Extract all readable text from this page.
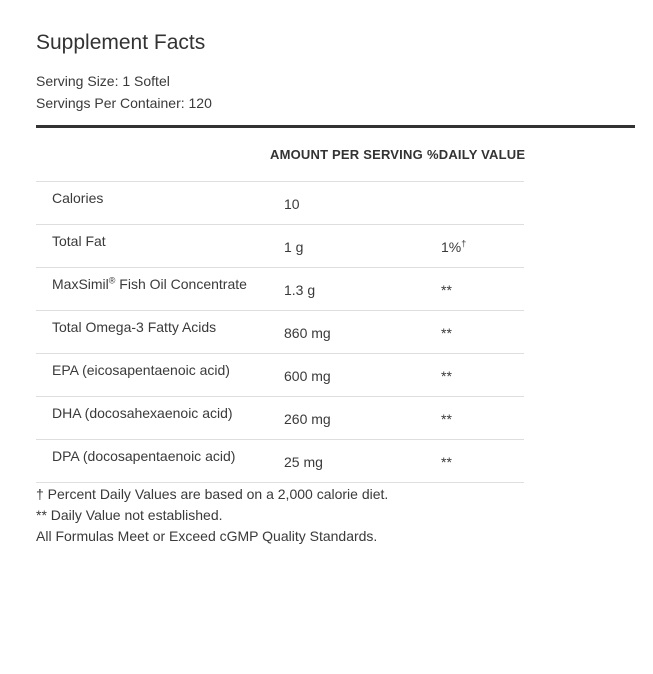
Supplement Facts
Serving Size: 1 Softel
Servings Per Container: 120
AMOUNT PER SERVING %DAILY VALUE
Calories	10
Total Fat	1 g	1%†
MaxSimil® Fish Oil Concentrate	1.3 g	**
Total Omega-3 Fatty Acids	860 mg	**
EPA (eicosapentaenoic acid)	600 mg	**
DHA (docosahexaenoic acid)	260 mg	**
DPA (docosapentaenoic acid)	25 mg	**
† Percent Daily Values are based on a 2,000 calorie diet.
** Daily Value not established.
All Formulas Meet or Exceed cGMP Quality Standards.
